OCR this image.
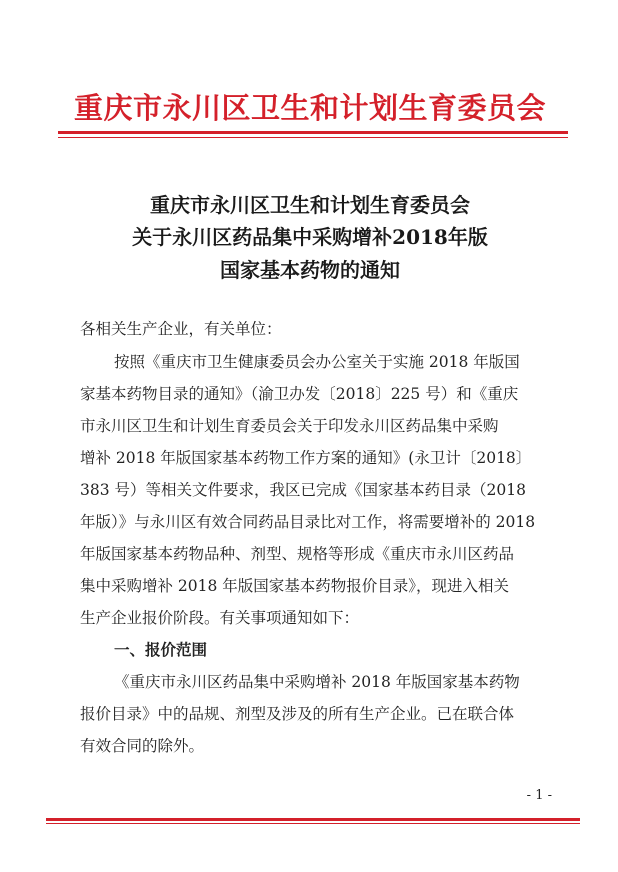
重庆市永川区卫生和计划生育委员会
重庆市永川区卫生和计划生育委员会
关于永川区药品集中采购增补2018年版
国家基本药物的通知
各相关生产企业，有关单位：
按照《重庆市卫生健康委员会办公室关于实施 2018 年版国
家基本药物目录的通知》（渝卫办发〔2018〕225 号）和《重庆
市永川区卫生和计划生育委员会关于印发永川区药品集中采购
增补 2018 年版国家基本药物工作方案的通知》(永卫计〔2018〕
383 号）等相关文件要求，我区已完成《国家基本药目录（2018
年版）》与永川区有效合同药品目录比对工作，将需要增补的 2018
年版国家基本药物品种、剂型、规格等形成《重庆市永川区药品
集中采购增补 2018 年版国家基本药物报价目录》，现进入相关
生产企业报价阶段。有关事项通知如下：
一、报价范围
《重庆市永川区药品集中采购增补 2018 年版国家基本药物
报价目录》中的品规、剂型及涉及的所有生产企业。已在联合体
有效合同的除外。
- 1 -
